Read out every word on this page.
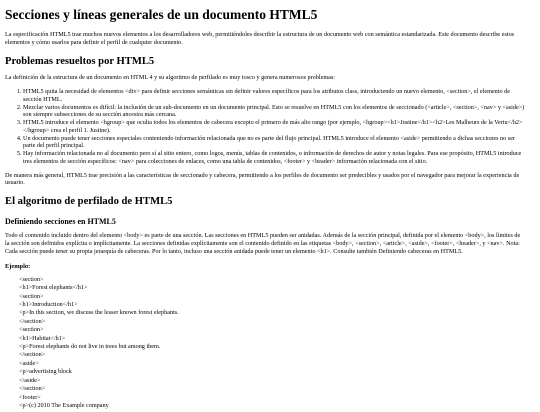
Secciones y líneas generales de un documento HTML5

La especificación HTML5 trae muchos nuevos elementos a los desarrolladores web, permitiéndoles describir la estructura de un documento web con semántica estandarizada. Este documento describe estos elementos y cómo usarlos para definir el perfil de cualquier documento.

Problemas resueltos por HTML5

La definición de la estructura de un documento en HTML 4 y su algoritmo de perfilado es muy tosco y genera numerosos problemas:

1. HTML5 quita la necesidad de elementos <div> para definir secciones semánticas sin definir valores específicos para los atributos class, introduciendo un nuevo elemento, <section>, el elemento de sección HTML.
2. Mezclar varios documentos es difícil: la inclusión de un sub-documento en un documento principal. Esto se resuelve en HTML5 con los elementos de seccionado (<article>, <section>, <nav> y <aside>) son siempre subsecciones de su sección ancestra más cercana.
3. HTML5 introduce el elemento <hgroup> que oculta todos los elementos de cabecera excepto el primero de más alto rango (por ejemplo, <hgroup><h1>Justine</h1><h2>Les Malheurs de la Vertu</h2></hgroup> crea el perfil 1. Justine).
4. Un documento puede tener secciones especiales conteniendo información relacionada que no es parte del flujo principal. HTML5 introduce el elemento <aside> permitiendo a dichas secciones no ser parte del perfil principal.
5. Hay información relacionada no al documento pero sí al sitio entero, como logos, menús, tablas de contenidos, o información de derechos de autor y notas legales. Para ese propósito, HTML5 introduce tres elementos de sección específicos: <nav> para colecciones de enlaces, como una tabla de contenidos, <footer> y <header> información relacionada con el sitio.

De manera más general, HTML5 trae precisión a las características de seccionado y cabecera, permitiendo a los perfiles de documento ser predecibles y usados por el navegador para mejorar la experiencia de usuario.

El algoritmo de perfilado de HTML5
Definiendo secciones en HTML5

Todo el contenido incluido dentro del elemento <body> es parte de una sección. Las secciones en HTML5 pueden ser anidadas. Además de la sección principal, definida por el elemento <body>, los límites de la sección son definidos explícita o implícitamente. La secciones definidas explícitamente son el contenido definido en las etiquetas <body>, <section>, <article>, <aside>, <footer>, <header>, y <nav>. Nota: Cada sección puede tener su propia jerarquía de cabeceras. Por lo tanto, incluso una sección anidada puede tener un elemento <h1>. Consulte también Definiendo cabeceras en HTML5.

Ejemplo:
<section>
<h1>Forest elephants</h1>
<section>
<h1>Introduction</h1>
<p>In this section, we discuss the lesser known forest elephants.
</section>
<section>
<h1>Habitat</h1>
<p>Forest elephants do not live in trees but among them.
</section>
<aside>
<p>advertising block
</aside>
</section>
<footer>
<p>(c) 2010 The Example company
